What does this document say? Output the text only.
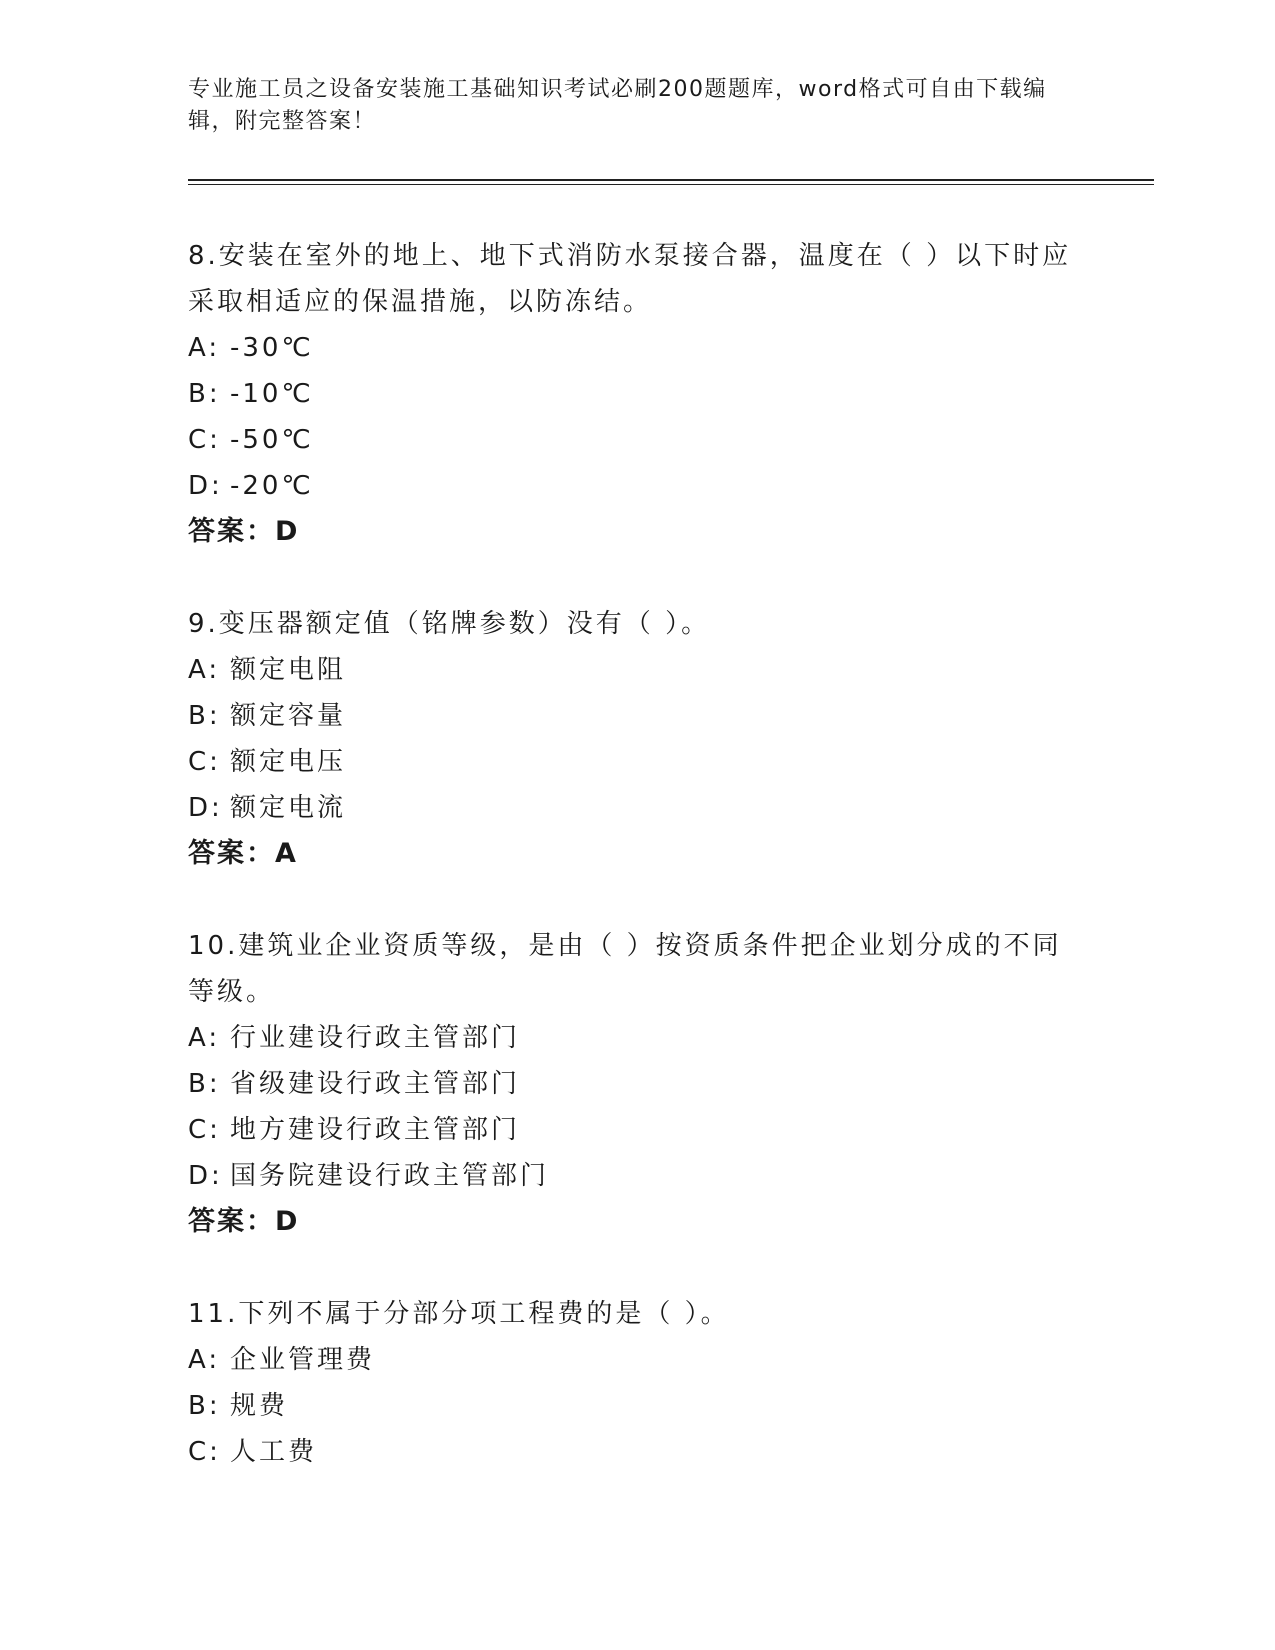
专业施工员之设备安装施工基础知识考试必刷200题题库，word格式可自由下载编辑，附完整答案！

8.安装在室外的地上、地下式消防水泵接合器，温度在（ ）以下时应采取相适应的保温措施，以防冻结。

A: -30℃

B: -10℃

C: -50℃

D: -20℃

答案：D

9.变压器额定值（铭牌参数）没有（ ）。

A: 额定电阻

B: 额定容量

C: 额定电压

D: 额定电流

答案：A

10.建筑业企业资质等级，是由（ ）按资质条件把企业划分成的不同等级。

A: 行业建设行政主管部门

B: 省级建设行政主管部门

C: 地方建设行政主管部门

D: 国务院建设行政主管部门

答案：D

11.下列不属于分部分项工程费的是（ ）。

A: 企业管理费

B: 规费

C: 人工费
